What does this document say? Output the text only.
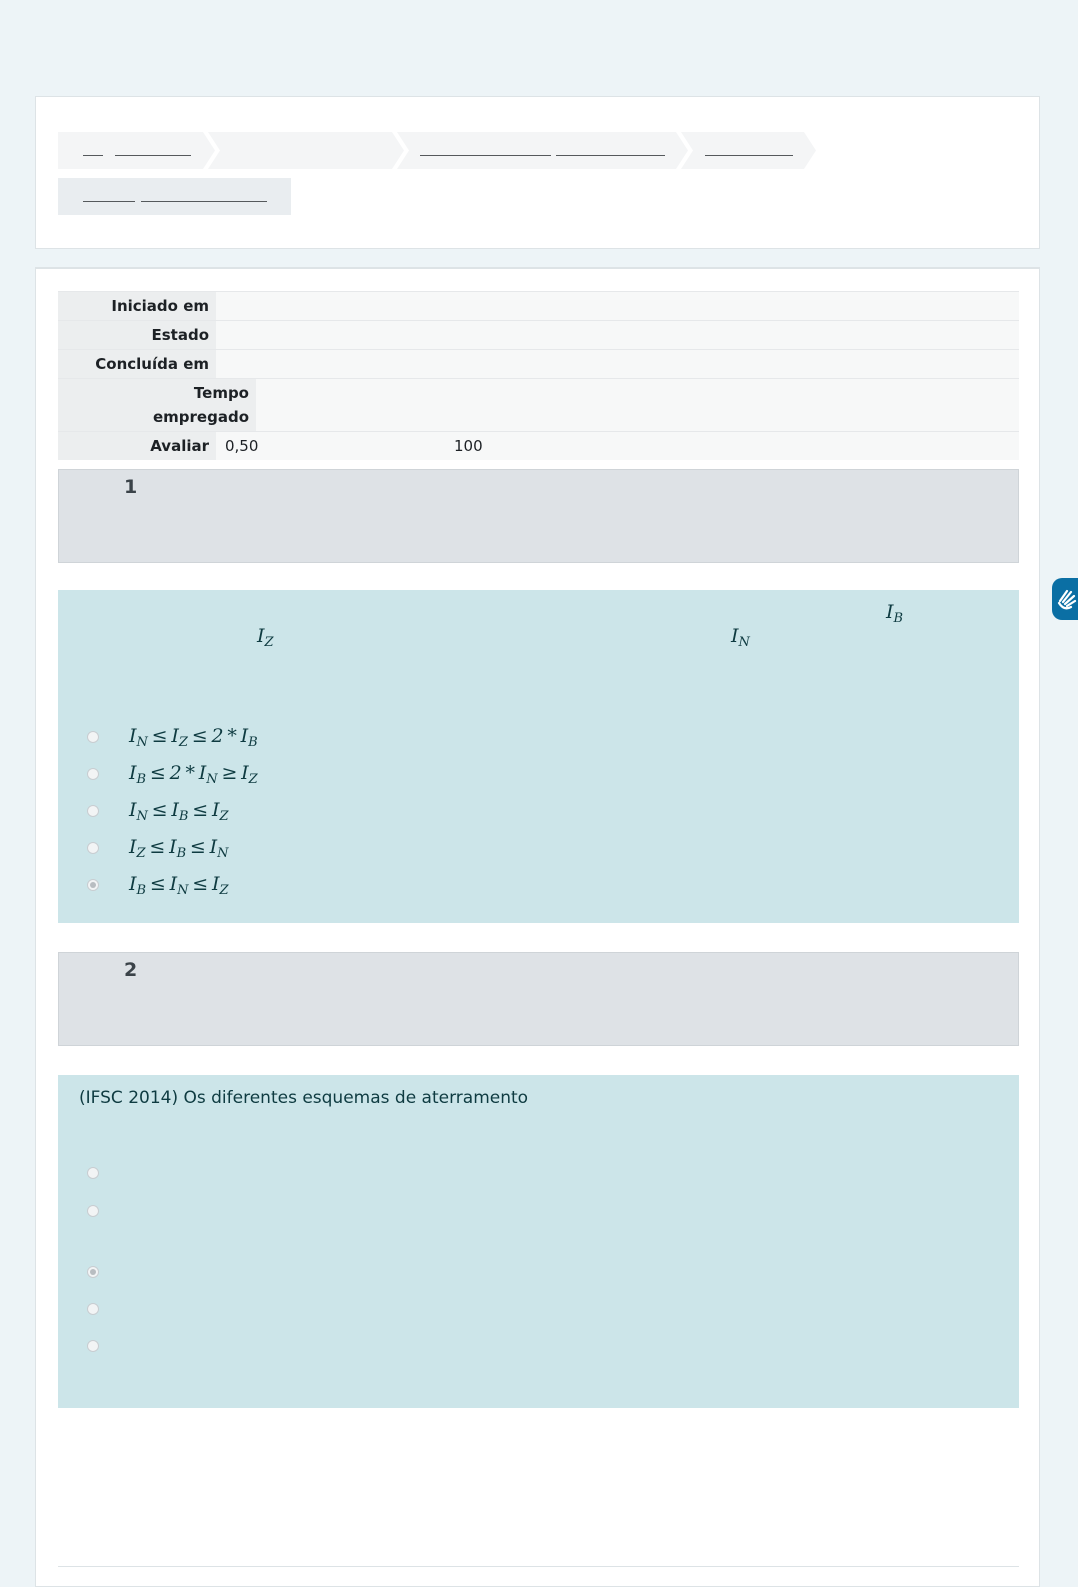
Iniciado em
Estado
Concluída em
Tempo empregado
Avaliar	0,50	100
1
$I_B$
$I_Z$	$I_N$
$I_N \le I_Z \le 2 * I_B$
$I_B \le 2 * I_N \ge I_Z$
$I_N \le I_B \le I_Z$
$I_Z \le I_B \le I_N$
$I_B \le I_N \le I_Z$
2
(IFSC 2014) Os diferentes esquemas de aterramento
